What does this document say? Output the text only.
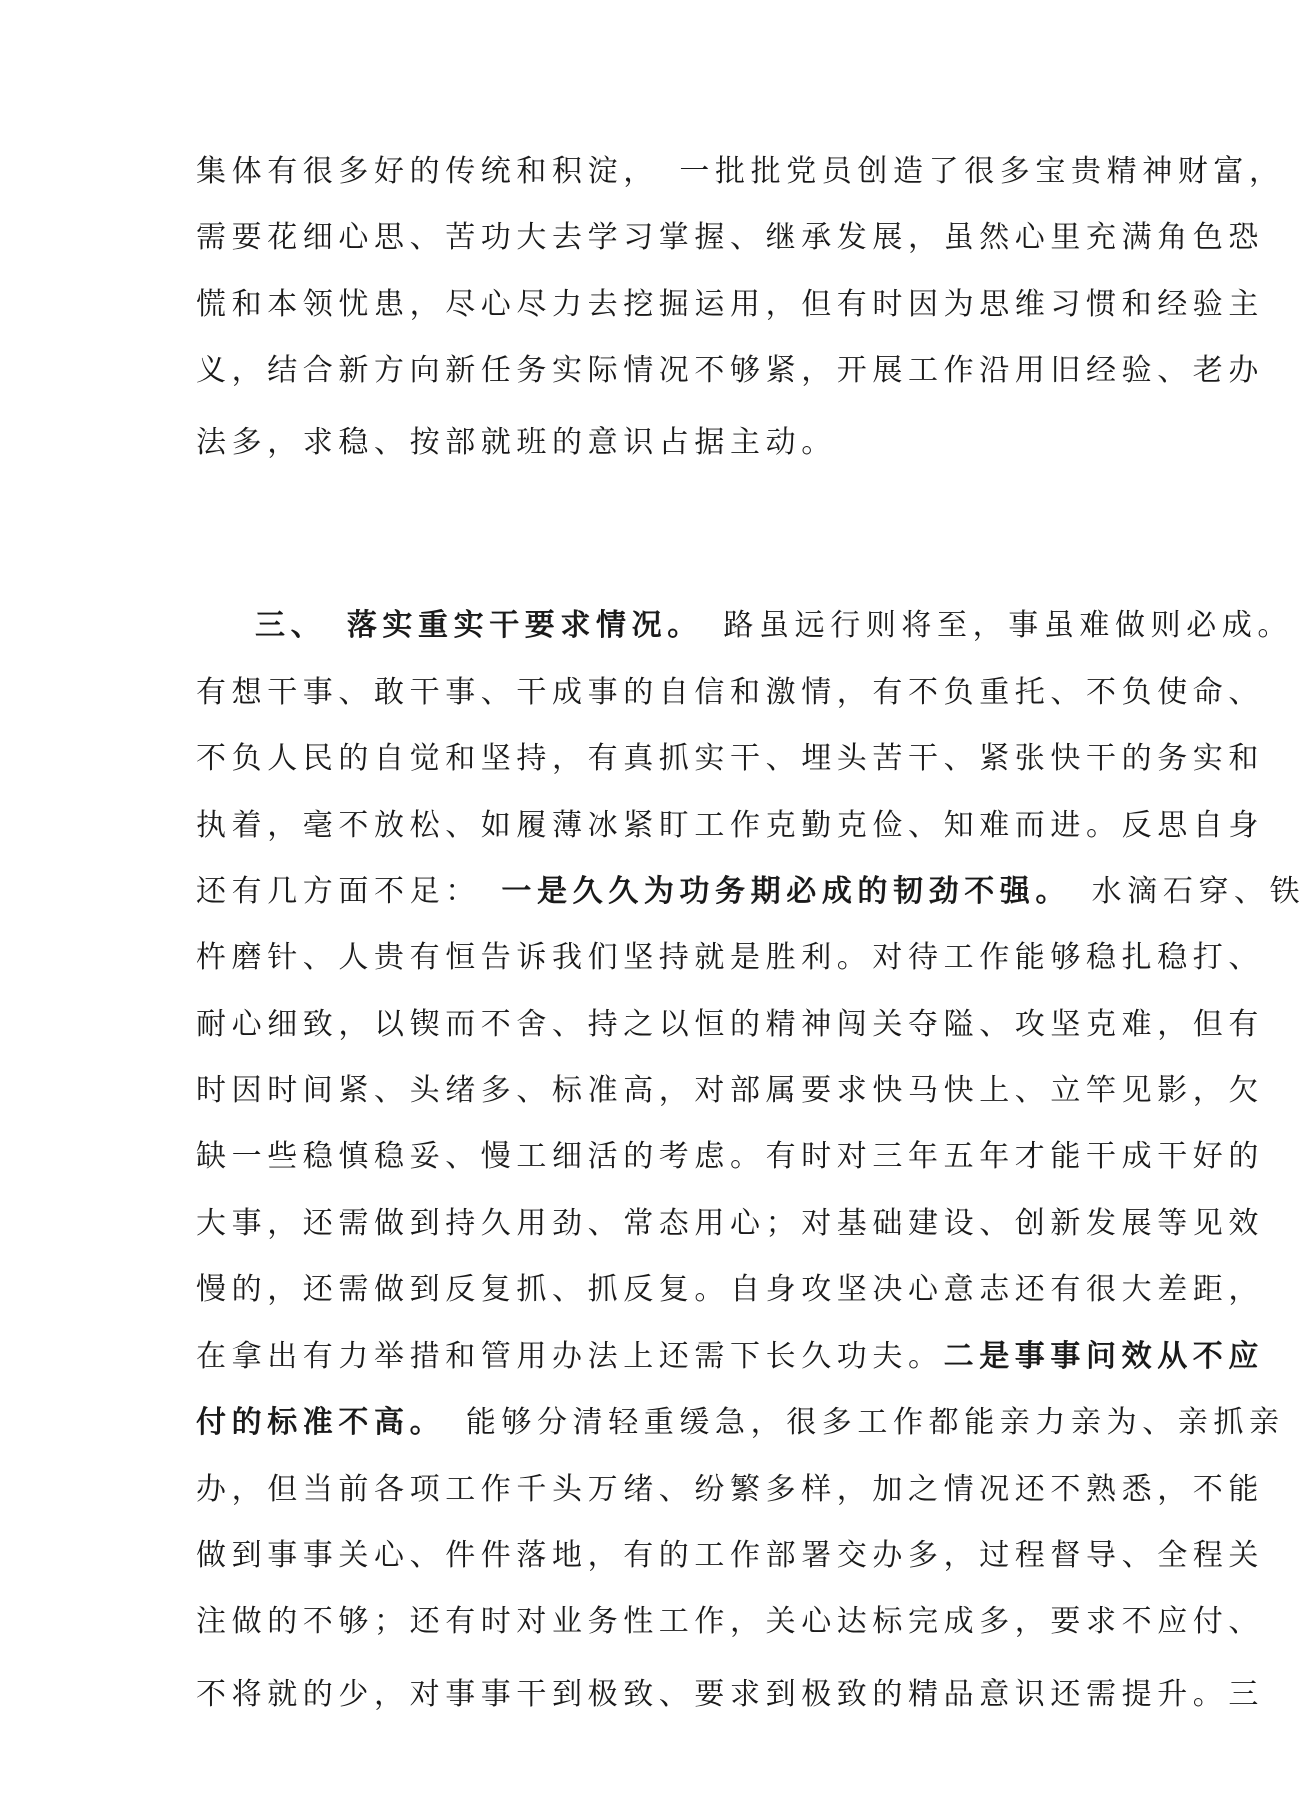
集体有很多好的传统和积淀，　一批批党员创造了很多宝贵精神财富，
需要花细心思、苦功大去学习掌握、继承发展，虽然心里充满角色恐
慌和本领忧患，尽心尽力去挖掘运用，但有时因为思维习惯和经验主
义，结合新方向新任务实际情况不够紧，开展工作沿用旧经验、老办
法多，求稳、按部就班的意识占据主动。
三、　 落实重实干要求情况。　 路虽远行则将至，事虽难做则必成。
有想干事、敢干事、干成事的自信和激情，有不负重托、不负使命、
不负人民的自觉和坚持，有真抓实干、埋头苦干、紧张快干的务实和
执着，毫不放松、如履薄冰紧盯工作克勤克俭、知难而进。反思自身
还有几方面不足：　 一是久久为功务期必成的韧劲不强。　 水滴石穿、铁
杵磨针、人贵有恒告诉我们坚持就是胜利。对待工作能够稳扎稳打、
耐心细致，以锲而不舍、持之以恒的精神闯关夺隘、攻坚克难，但有
时因时间紧、头绪多、标准高，对部属要求快马快上、立竿见影，欠
缺一些稳慎稳妥、慢工细活的考虑。有时对三年五年才能干成干好的
大事，还需做到持久用劲、常态用心；对基础建设、创新发展等见效
慢的，还需做到反复抓、抓反复。自身攻坚决心意志还有很大差距，
在拿出有力举措和管用办法上还需下长久功夫。二是事事问效从不应
付的标准不高。　 能够分清轻重缓急，很多工作都能亲力亲为、亲抓亲
办，但当前各项工作千头万绪、纷繁多样，加之情况还不熟悉，不能
做到事事关心、件件落地，有的工作部署交办多，过程督导、全程关
注做的不够；还有时对业务性工作，关心达标完成多，要求不应付、
不将就的少，对事事干到极致、要求到极致的精品意识还需提升。三
